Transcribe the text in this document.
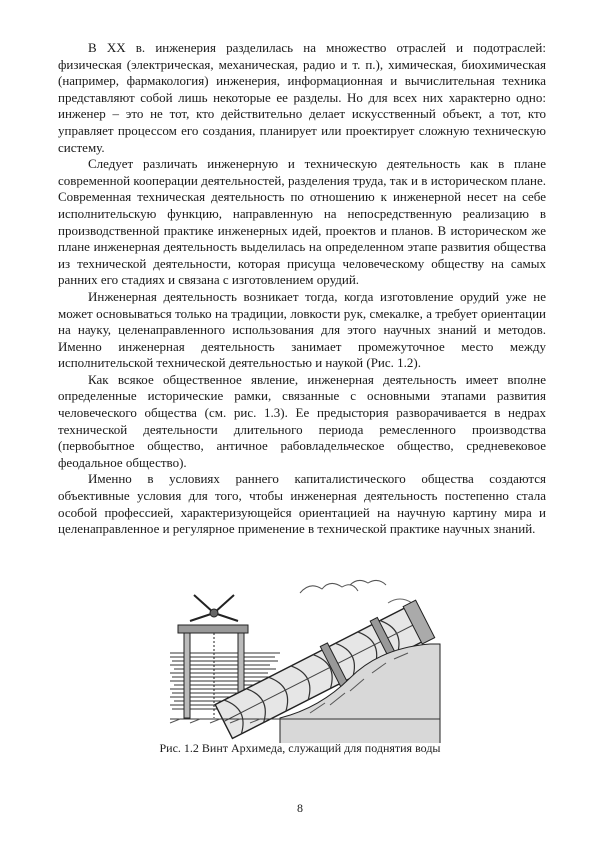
В XX в. инженерия разделилась на множество отраслей и подотраслей: физическая (электрическая, механическая, радио и т. п.), химическая, биохимическая (например, фармакология) инженерия, информационная и вычислительная техника представляют собой лишь некоторые ее разделы. Но для всех них характерно одно: инженер – это не тот, кто действительно делает искусственный объект, а тот, кто управляет процессом его создания, планирует или проектирует сложную техническую систему.

Следует различать инженерную и техническую деятельность как в плане современной кооперации деятельностей, разделения труда, так и в историческом плане. Современная техническая деятельность по отношению к инженерной несет на себе исполнительскую функцию, направленную на непосредственную реализацию в производственной практике инженерных идей, проектов и планов. В историческом же плане инженерная деятельность выделилась на определенном этапе развития общества из технической деятельности, которая присуща человеческому обществу на самых ранних его стадиях и связана с изготовлением орудий.

Инженерная деятельность возникает тогда, когда изготовление орудий уже не может основываться только на традиции, ловкости рук, смекалке, а требует ориентации на науку, целенаправленного использования для этого научных знаний и методов. Именно инженерная деятельность занимает промежуточное место между исполнительской технической деятельностью и наукой (Рис. 1.2).

Как всякое общественное явление, инженерная деятельность имеет вполне определенные исторические рамки, связанные с основными этапами развития человеческого общества (см. рис. 1.3). Ее предыстория разворачивается в недрах технической деятельности длительного периода ремесленного производства (первобытное общество, античное рабовладельческое общество, средневековое феодальное общество).

Именно в условиях раннего капиталистического общества создаются объективные условия для того, чтобы инженерная деятельность постепенно стала особой профессией, характеризующейся ориентацией на научную картину мира и целенаправленное и регулярное применение в технической практике научных знаний.

Рис. 1.2 Винт Архимеда, служащий для поднятия воды
8
